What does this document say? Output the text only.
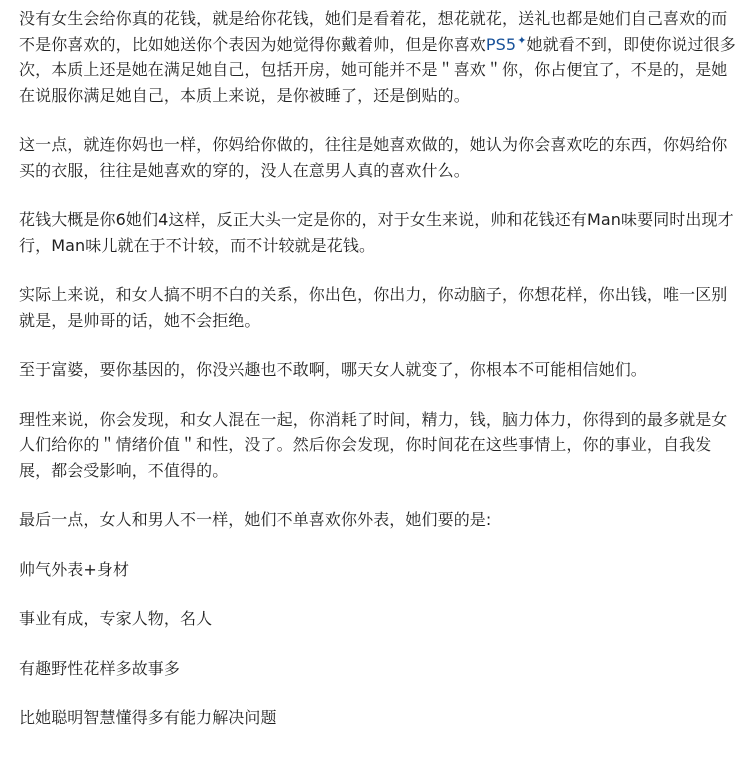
没有女生会给你真的花钱，就是给你花钱，她们是看着花，想花就花，送礼也都是她们自己喜欢的而不是你喜欢的，比如她送你个表因为她觉得你戴着帅，但是你喜欢PS5✦她就看不到，即使你说过很多次，本质上还是她在满足她自己，包括开房，她可能并不是＂喜欢＂你，你占便宜了，不是的，是她在说服你满足她自己，本质上来说，是你被睡了，还是倒贴的。

这一点，就连你妈也一样，你妈给你做的，往往是她喜欢做的，她认为你会喜欢吃的东西，你妈给你买的衣服，往往是她喜欢的穿的，没人在意男人真的喜欢什么。

花钱大概是你6她们4这样，反正大头一定是你的，对于女生来说，帅和花钱还有Man味要同时出现才行，Man味儿就在于不计较，而不计较就是花钱。

实际上来说，和女人搞不明不白的关系，你出色，你出力，你动脑子，你想花样，你出钱，唯一区别就是，是帅哥的话，她不会拒绝。

至于富婆，要你基因的，你没兴趣也不敢啊，哪天女人就变了，你根本不可能相信她们。

理性来说，你会发现，和女人混在一起，你消耗了时间，精力，钱，脑力体力，你得到的最多就是女人们给你的＂情绪价值＂和性，没了。然后你会发现，你时间花在这些事情上，你的事业，自我发展，都会受影响，不值得的。

最后一点，女人和男人不一样，她们不单喜欢你外表，她们要的是:

帅气外表+身材

事业有成，专家人物，名人

有趣野性花样多故事多

比她聪明智慧懂得多有能力解决问题
